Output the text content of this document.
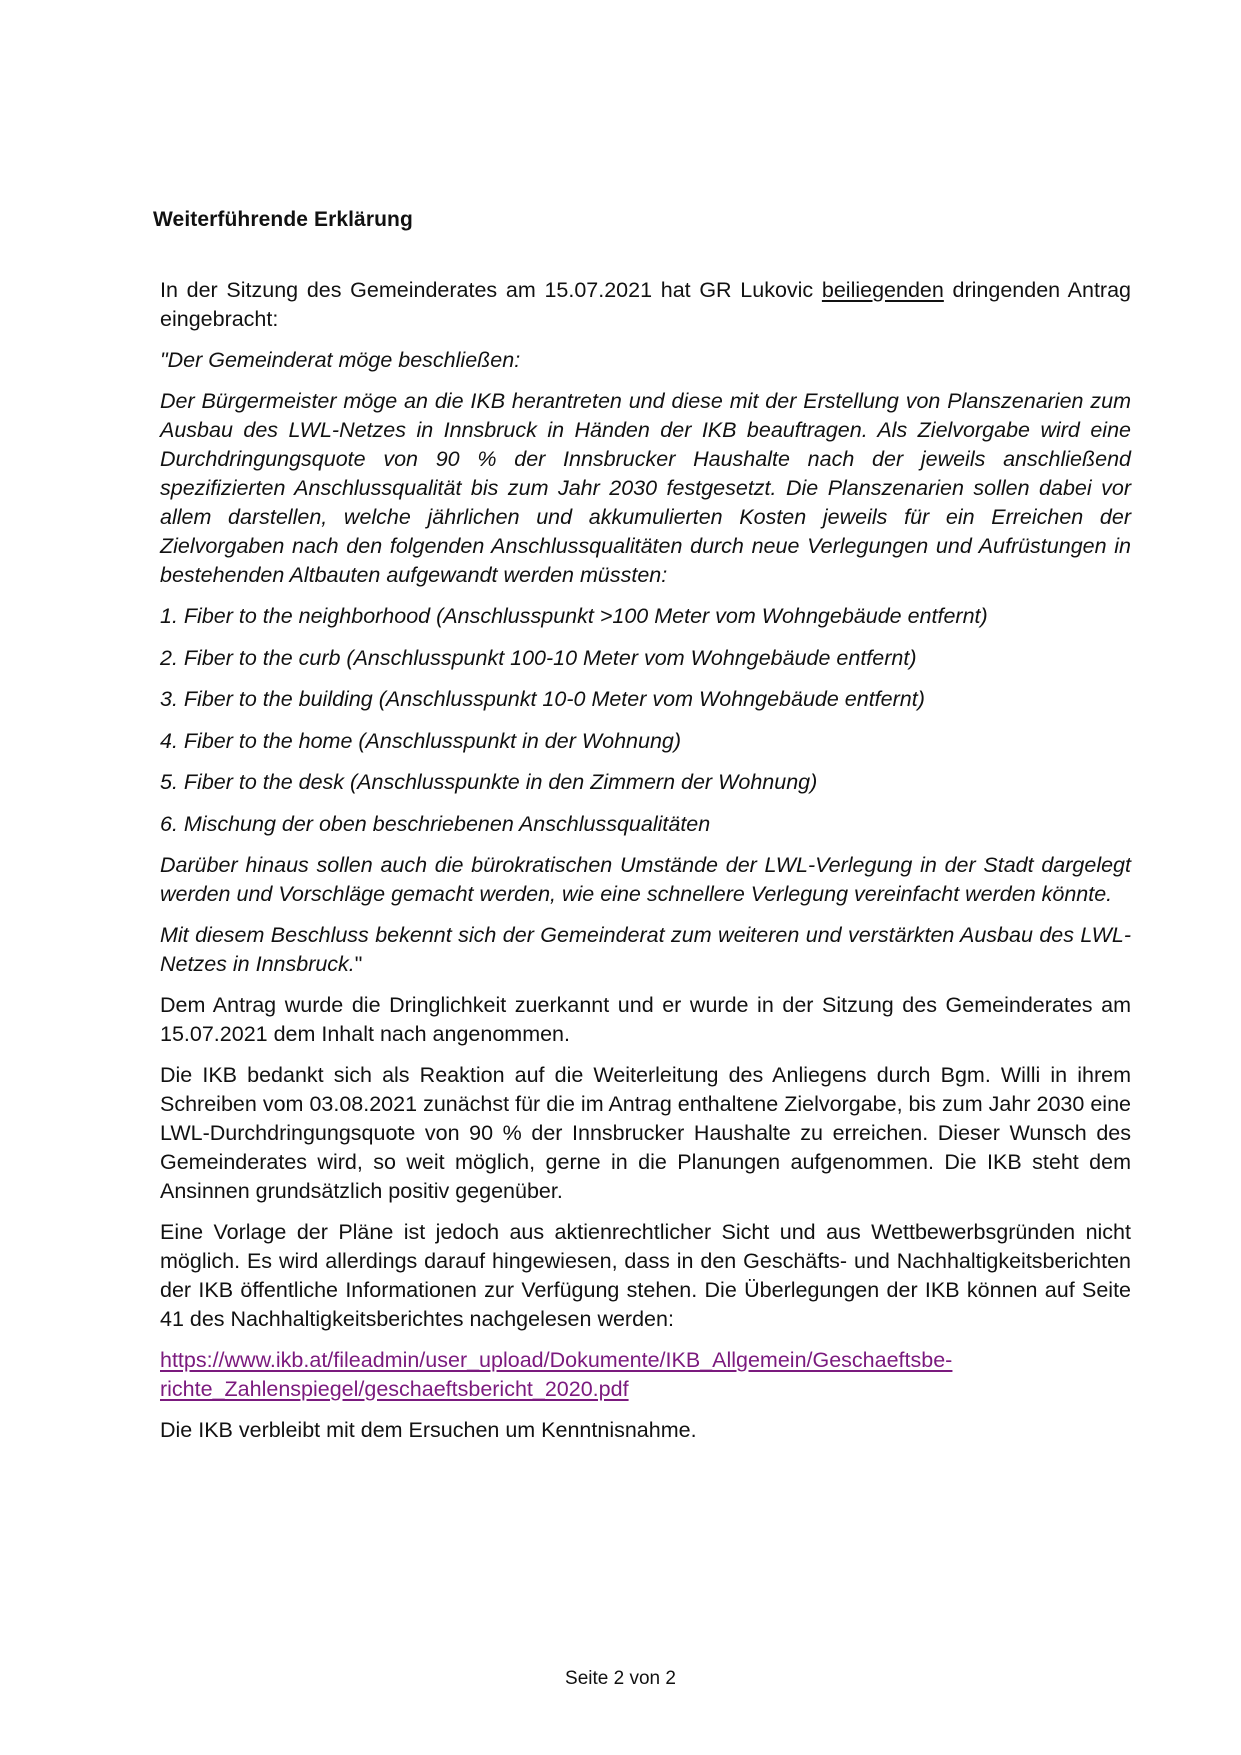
Weiterführende Erklärung

In der Sitzung des Gemeinderates am 15.07.2021 hat GR Lukovic beiliegenden dringenden Antrag eingebracht:

"Der Gemeinderat möge beschließen:

Der Bürgermeister möge an die IKB herantreten und diese mit der Erstellung von Planszenarien zum Ausbau des LWL-Netzes in Innsbruck in Händen der IKB beauftragen. Als Zielvorgabe wird eine Durchdringungsquote von 90 % der Innsbrucker Haushalte nach der jeweils anschließend spezifizierten Anschlussqualität bis zum Jahr 2030 festgesetzt. Die Planszenarien sollen dabei vor allem darstellen, welche jährlichen und akkumulierten Kosten jeweils für ein Erreichen der Zielvorgaben nach den folgenden Anschlussqualitäten durch neue Verlegungen und Aufrüstungen in bestehenden Altbauten aufgewandt werden müssten:

1. Fiber to the neighborhood (Anschlusspunkt >100 Meter vom Wohngebäude entfernt)

2. Fiber to the curb (Anschlusspunkt 100-10 Meter vom Wohngebäude entfernt)

3. Fiber to the building (Anschlusspunkt 10-0 Meter vom Wohngebäude entfernt)

4. Fiber to the home (Anschlusspunkt in der Wohnung)

5. Fiber to the desk (Anschlusspunkte in den Zimmern der Wohnung)

6. Mischung der oben beschriebenen Anschlussqualitäten

Darüber hinaus sollen auch die bürokratischen Umstände der LWL-Verlegung in der Stadt dargelegt werden und Vorschläge gemacht werden, wie eine schnellere Verlegung vereinfacht werden könnte.

Mit diesem Beschluss bekennt sich der Gemeinderat zum weiteren und verstärkten Ausbau des LWL-Netzes in Innsbruck."

Dem Antrag wurde die Dringlichkeit zuerkannt und er wurde in der Sitzung des Gemeinderates am 15.07.2021 dem Inhalt nach angenommen.

Die IKB bedankt sich als Reaktion auf die Weiterleitung des Anliegens durch Bgm. Willi in ihrem Schreiben vom 03.08.2021 zunächst für die im Antrag enthaltene Zielvorgabe, bis zum Jahr 2030 eine LWL-Durchdringungsquote von 90 % der Innsbrucker Haushalte zu erreichen. Dieser Wunsch des Gemeinderates wird, so weit möglich, gerne in die Planungen aufgenommen. Die IKB steht dem Ansinnen grundsätzlich positiv gegenüber.

Eine Vorlage der Pläne ist jedoch aus aktienrechtlicher Sicht und aus Wettbewerbsgründen nicht möglich. Es wird allerdings darauf hingewiesen, dass in den Geschäfts- und Nachhaltigkeitsberichten der IKB öffentliche Informationen zur Verfügung stehen. Die Überlegungen der IKB können auf Seite 41 des Nachhaltigkeitsberichtes nachgelesen werden:

https://www.ikb.at/fileadmin/user_upload/Dokumente/IKB_Allgemein/Geschaeftsbe-
richte_Zahlenspiegel/geschaeftsbericht_2020.pdf

Die IKB verbleibt mit dem Ersuchen um Kenntnisnahme.

Seite 2 von 2
